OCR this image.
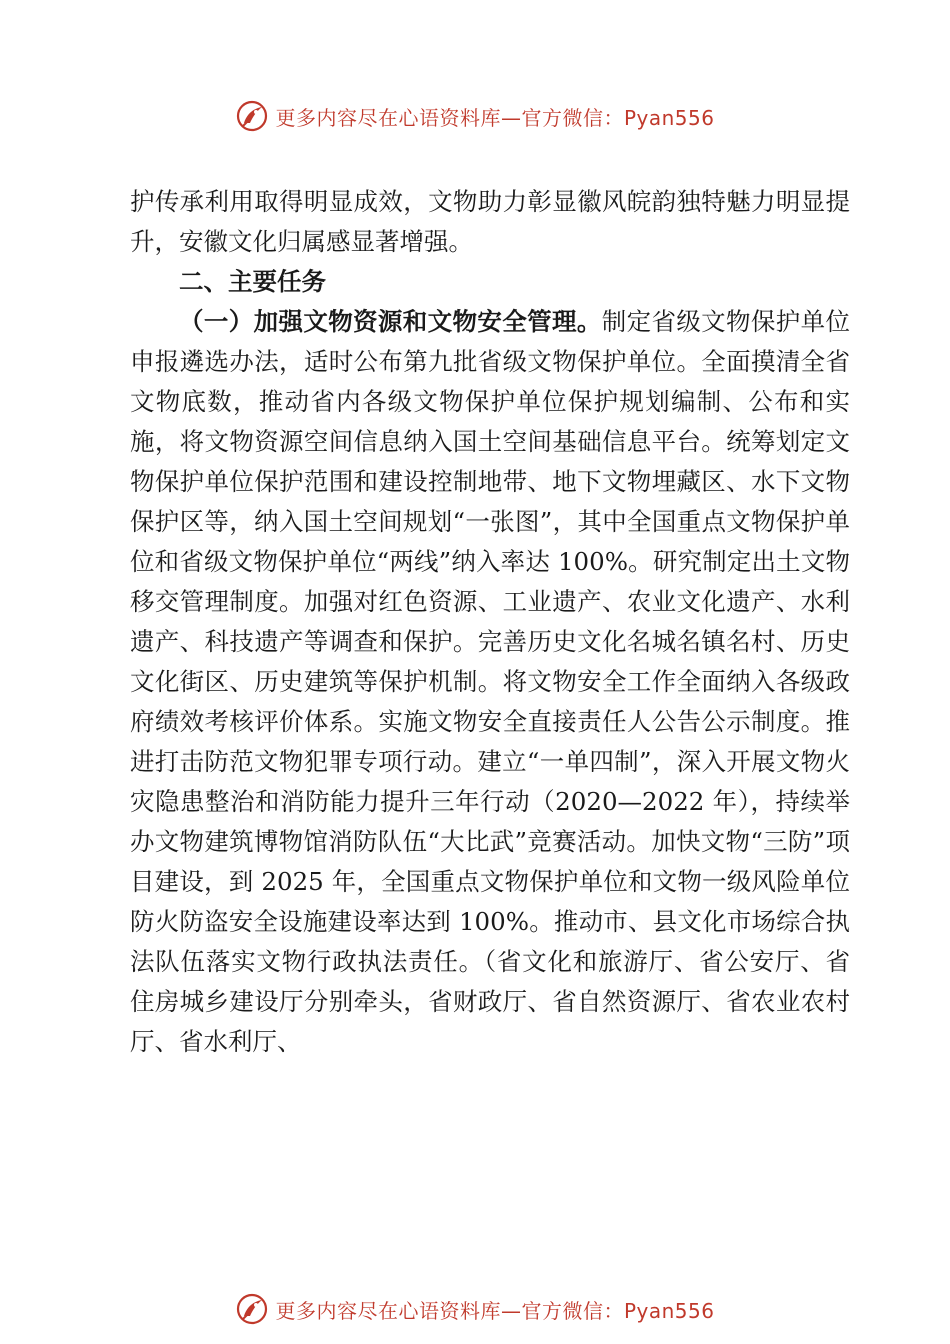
更多内容尽在心语资料库—官方微信：Pyan556

护传承利用取得明显成效，文物助力彰显徽风皖韵独特魅力明显提升，安徽文化归属感显著增强。

二、主要任务

（一）加强文物资源和文物安全管理。制定省级文物保护单位申报遴选办法，适时公布第九批省级文物保护单位。全面摸清全省文物底数，推动省内各级文物保护单位保护规划编制、公布和实施，将文物资源空间信息纳入国土空间基础信息平台。统筹划定文物保护单位保护范围和建设控制地带、地下文物埋藏区、水下文物保护区等，纳入国土空间规划“一张图”，其中全国重点文物保护单位和省级文物保护单位“两线”纳入率达 100%。研究制定出土文物移交管理制度。加强对红色资源、工业遗产、农业文化遗产、水利遗产、科技遗产等调查和保护。完善历史文化名城名镇名村、历史文化街区、历史建筑等保护机制。将文物安全工作全面纳入各级政府绩效考核评价体系。实施文物安全直接责任人公告公示制度。推进打击防范文物犯罪专项行动。建立“一单四制”，深入开展文物火灾隐患整治和消防能力提升三年行动（2020—2022 年），持续举办文物建筑博物馆消防队伍“大比武”竞赛活动。加快文物“三防”项目建设，到 2025 年，全国重点文物保护单位和文物一级风险单位防火防盗安全设施建设率达到 100%。推动市、县文化市场综合执法队伍落实文物行政执法责任。（省文化和旅游厅、省公安厅、省住房城乡建设厅分别牵头，省财政厅、省自然资源厅、省农业农村厅、省水利厅、

更多内容尽在心语资料库—官方微信：Pyan556
